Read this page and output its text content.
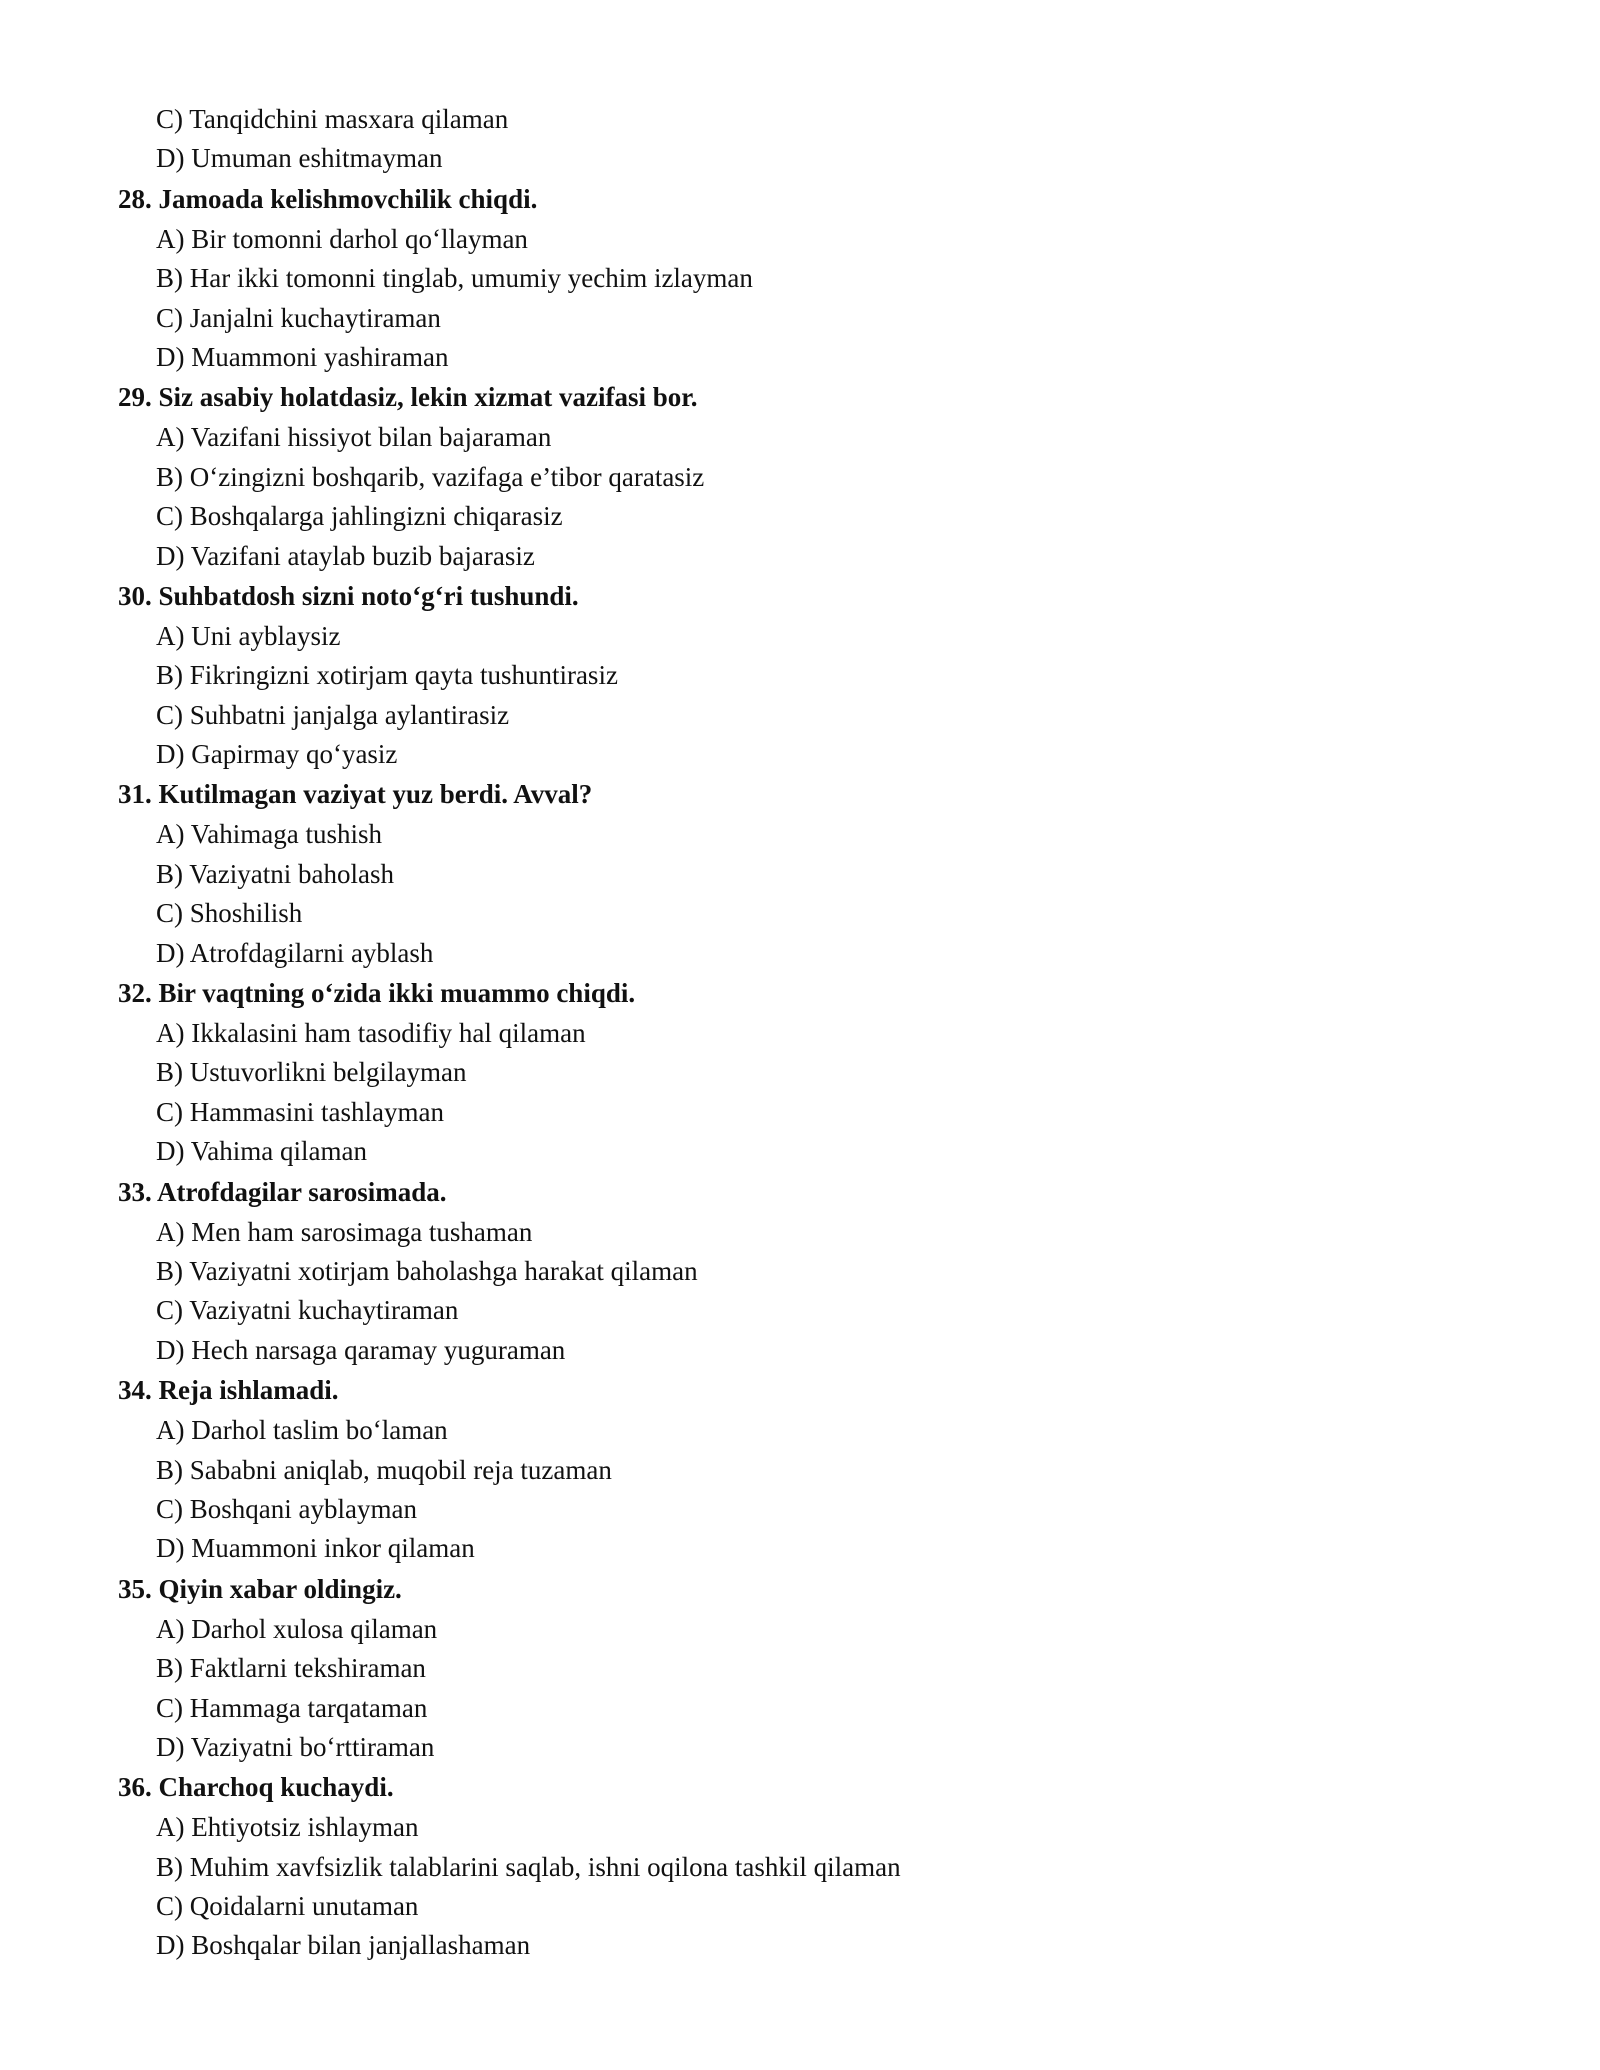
C) Tanqidchini masxara qilaman
D) Umuman eshitmayman
28. Jamoada kelishmovchilik chiqdi.
A) Bir tomonni darhol qo‘llayman
B) Har ikki tomonni tinglab, umumiy yechim izlayman
C) Janjalni kuchaytiraman
D) Muammoni yashiraman
29. Siz asabiy holatdasiz, lekin xizmat vazifasi bor.
A) Vazifani hissiyot bilan bajaraman
B) O‘zingizni boshqarib, vazifaga e’tibor qaratasiz
C) Boshqalarga jahlingizni chiqarasiz
D) Vazifani ataylab buzib bajarasiz
30. Suhbatdosh sizni noto‘g‘ri tushundi.
A) Uni ayblaysiz
B) Fikringizni xotirjam qayta tushuntirasiz
C) Suhbatni janjalga aylantirasiz
D) Gapirmay qo‘yasiz
31. Kutilmagan vaziyat yuz berdi. Avval?
A) Vahimaga tushish
B) Vaziyatni baholash
C) Shoshilish
D) Atrofdagilarni ayblash
32. Bir vaqtning o‘zida ikki muammo chiqdi.
A) Ikkalasini ham tasodifiy hal qilaman
B) Ustuvorlikni belgilayman
C) Hammasini tashlayman
D) Vahima qilaman
33. Atrofdagilar sarosimada.
A) Men ham sarosimaga tushaman
B) Vaziyatni xotirjam baholashga harakat qilaman
C) Vaziyatni kuchaytiraman
D) Hech narsaga qaramay yuguraman
34. Reja ishlamadi.
A) Darhol taslim bo‘laman
B) Sababni aniqlab, muqobil reja tuzaman
C) Boshqani ayblayman
D) Muammoni inkor qilaman
35. Qiyin xabar oldingiz.
A) Darhol xulosa qilaman
B) Faktlarni tekshiraman
C) Hammaga tarqataman
D) Vaziyatni bo‘rttiraman
36. Charchoq kuchaydi.
A) Ehtiyotsiz ishlayman
B) Muhim xavfsizlik talablarini saqlab, ishni oqilona tashkil qilaman
C) Qoidalarni unutaman
D) Boshqalar bilan janjallashaman
